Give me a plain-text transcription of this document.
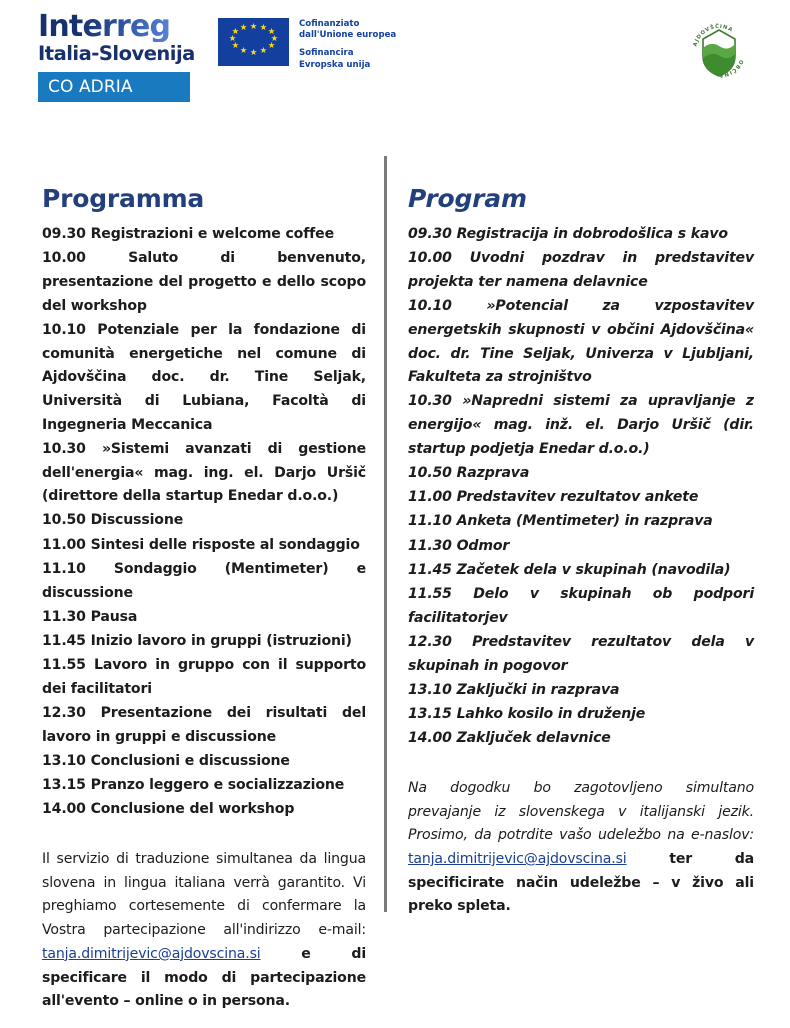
Interreg
Italia-Slovenija
CO ADRIA
★ ★ ★
★
★
★
★
★
★
★
★ ★	Cofinanziato
dall'Unione europea
Sofinancira
Evropska unija
AJDOVŠČINA
OBČINA
Programma
09.30 Registrazioni e welcome coffee
10.00 Saluto di benvenuto, presentazione del progetto e dello scopo del workshop
10.10 Potenziale per la fondazione di comunità energetiche nel comune di Ajdovščina doc. dr. Tine Seljak, Università di Lubiana, Facoltà di Ingegneria Meccanica
10.30 »Sistemi avanzati di gestione dell'energia« mag. ing. el. Darjo Uršič (direttore della startup Enedar d.o.o.)
10.50 Discussione
11.00 Sintesi delle risposte al sondaggio
11.10 Sondaggio (Mentimeter) e discussione
11.30 Pausa
11.45 Inizio lavoro in gruppi (istruzioni)
11.55 Lavoro in gruppo con il supporto dei facilitatori
12.30 Presentazione dei risultati del lavoro in gruppi e discussione
13.10 Conclusioni e discussione
13.15 Pranzo leggero e socializzazione
14.00 Conclusione del workshop

Il servizio di traduzione simultanea da lingua slovena in lingua italiana verrà garantito. Vi preghiamo cortesemente di confermare la Vostra partecipazione all'indirizzo e-mail: tanja.dimitrijevic@ajdovscina.si e di specificare il modo di partecipazione all'evento – online o in persona.

Program
09.30 Registracija in dobrodošlica s kavo
10.00 Uvodni pozdrav in predstavitev projekta ter namena delavnice
10.10 »Potencial za vzpostavitev energetskih skupnosti v občini Ajdovščina« doc. dr. Tine Seljak, Univerza v Ljubljani, Fakulteta za strojništvo
10.30 »Napredni sistemi za upravljanje z energijo« mag. inž. el. Darjo Uršič (dir. startup podjetja Enedar d.o.o.)
10.50 Razprava
11.00 Predstavitev rezultatov ankete
11.10 Anketa (Mentimeter) in razprava
11.30 Odmor
11.45 Začetek dela v skupinah (navodila)
11.55 Delo v skupinah ob podpori facilitatorjev
12.30 Predstavitev rezultatov dela v skupinah in pogovor
13.10 Zaključki in razprava
13.15 Lahko kosilo in druženje
14.00 Zaključek delavnice

Na dogodku bo zagotovljeno simultano prevajanje iz slovenskega v italijanski jezik. Prosimo, da potrdite vašo udeležbo na e-naslov: tanja.dimitrijevic@ajdovscina.si ter da specificirate način udeležbe – v živo ali preko spleta.
